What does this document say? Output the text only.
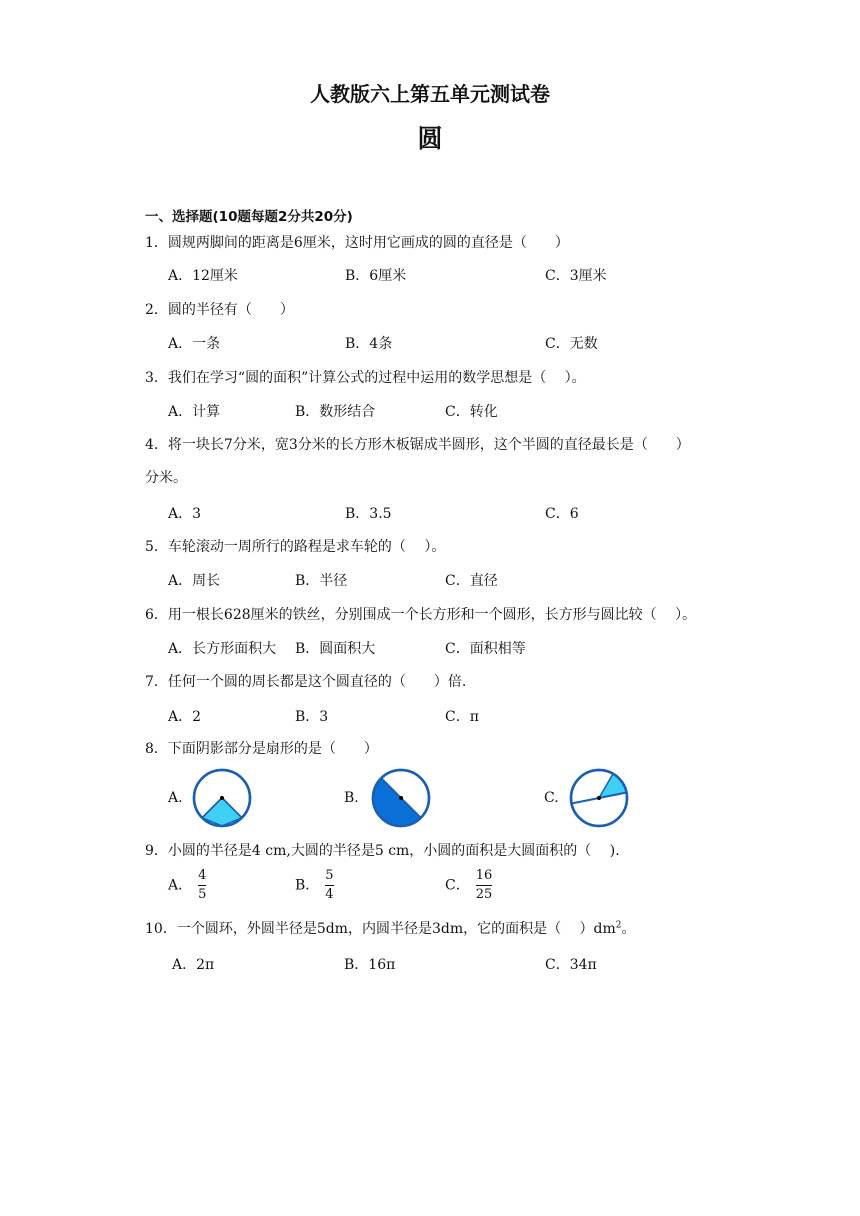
人教版六上第五单元测试卷
圆
一、选择题(10题每题2分共20分)
1．圆规两脚间的距离是6厘米，这时用它画成的圆的直径是（　　）
A．12厘米	B．6厘米	C．3厘米
2．圆的半径有（　　）
A．一条	B．4条	C．无数
3．我们在学习“圆的面积”计算公式的过程中运用的数学思想是（　 ）。
A．计算	B．数形结合	C．转化
4．将一块长7分米，宽3分米的长方形木板锯成半圆形，这个半圆的直径最长是（　　）
分米。
A．3	B．3.5	C．6
5．车轮滚动一周所行的路程是求车轮的（　 ）。
A．周长	B．半径	C．直径
6．用一根长628厘米的铁丝，分别围成一个长方形和一个圆形，长方形与圆比较（　 ）。
A．长方形面积大 B．圆面积大	C．面积相等
7．任何一个圆的周长都是这个圆直径的（　　）倍.
A．2	B．3	C．π
8．下面阴影部分是扇形的是（　　）
A.	B.	C.
9．小圆的半径是4 cm,大圆的半径是5 cm，小圆的面积是大圆面积的（　 ).
A． $\frac{4}{5}$	B． $\frac{5}{4}$	C． $\frac{16}{25}$
10．一个圆环，外圆半径是5dm，内圆半径是3dm，它的面积是（　 ）$dm^2$。
A．2π	B．16π	C．34π
